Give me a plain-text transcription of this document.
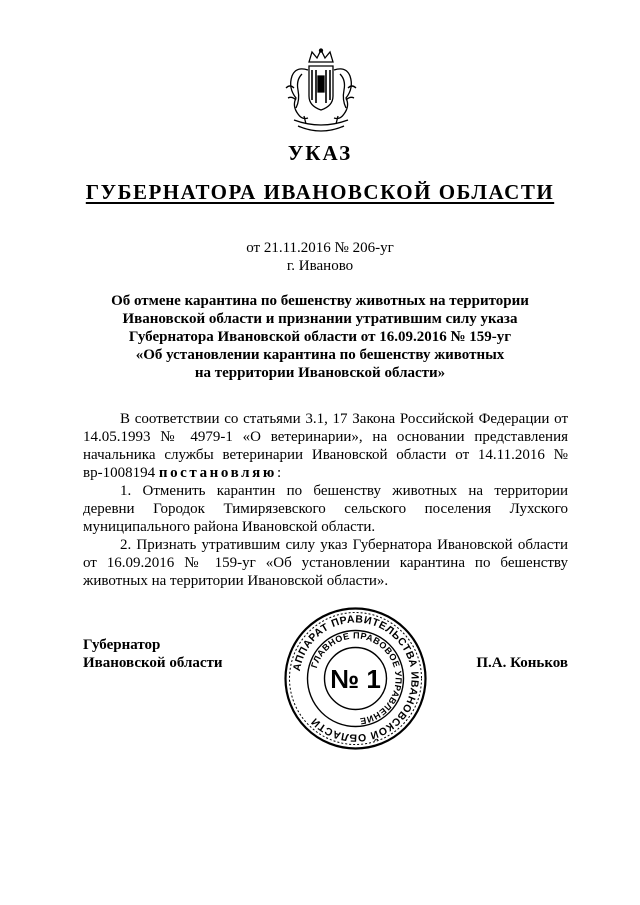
УКАЗ
ГУБЕРНАТОРА ИВАНОВСКОЙ ОБЛАСТИ
от 21.11.2016 № 206-уг
г. Иваново
Об отмене карантина по бешенству животных на территории
Ивановской области и признании утратившим силу указа
Губернатора Ивановской области от 16.09.2016 № 159-уг
«Об установлении карантина по бешенству животных
на территории Ивановской области»

В соответствии со статьями 3.1, 17 Закона Российской Федерации от 14.05.1993 № 4979-1 «О ветеринарии», на основании представления начальника службы ветеринарии Ивановской области от 14.11.2016 № вр-1008194 постановляю:

1. Отменить карантин по бешенству животных на территории деревни Городок Тимирязевского сельского поселения Лухского муниципального района Ивановской области.

2. Признать утратившим силу указ Губернатора Ивановской области от 16.09.2016 № 159-уг «Об установлении карантина по бешенству животных на территории Ивановской области».

Губернатор
Ивановской области	АППАРАТ ПРАВИТЕЛЬСТВА ИВАНОВСКОЙ ОБЛАСТИ
ГЛАВНОЕ ПРАВОВОЕ УПРАВЛЕНИЕ
№ 1
П.А. Коньков
